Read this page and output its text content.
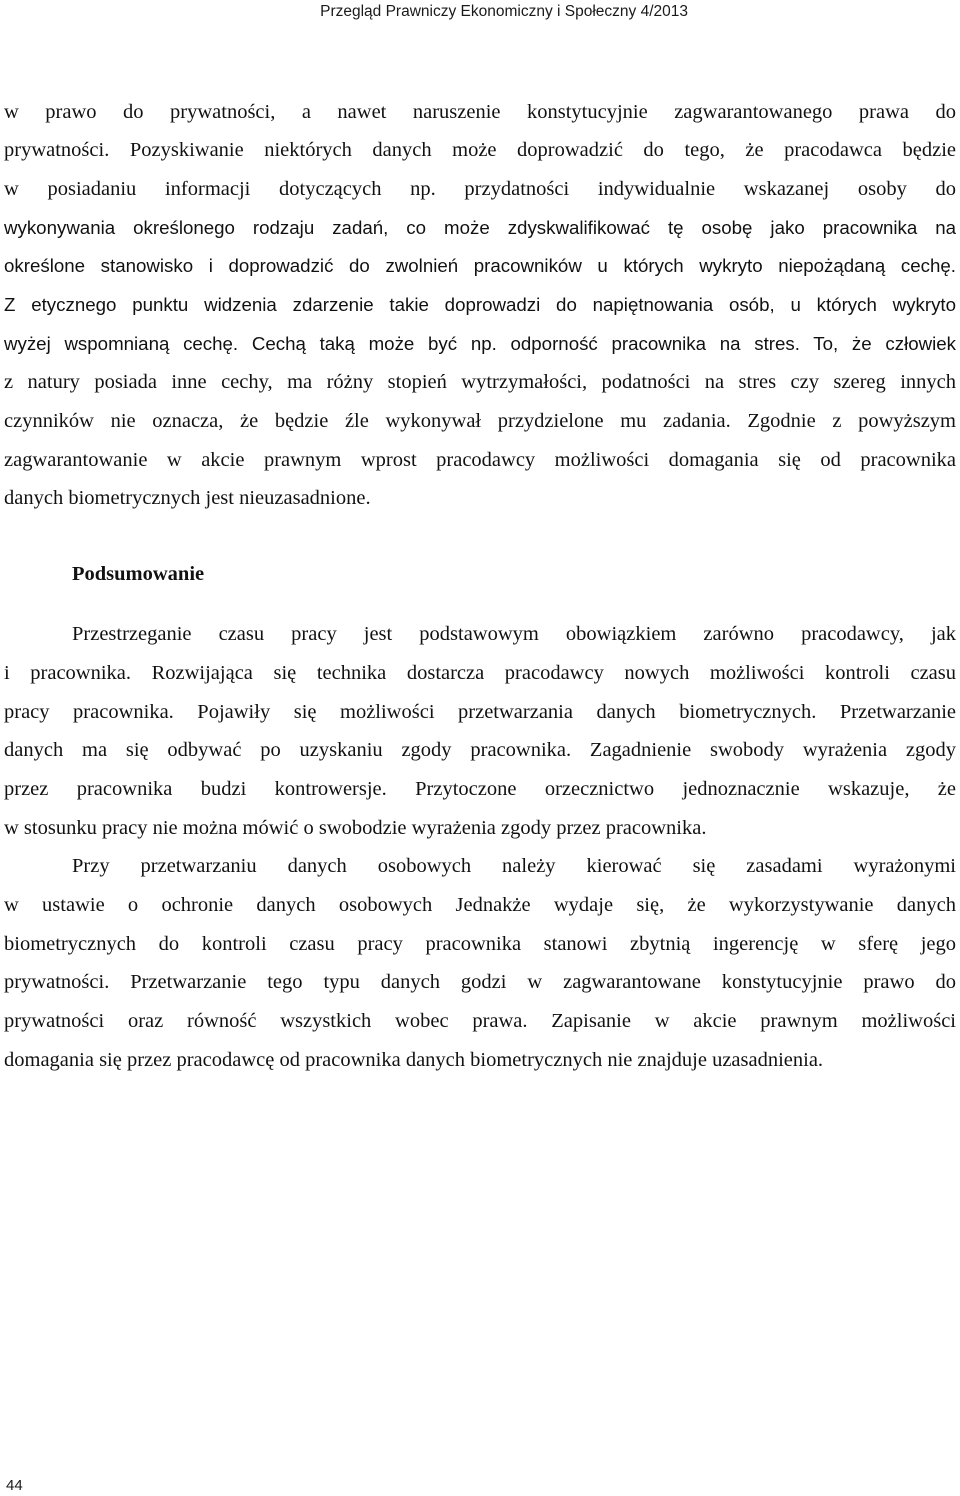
Przegląd Prawniczy Ekonomiczny i Społeczny 4/2013
w prawo do prywatności, a nawet naruszenie konstytucyjnie zagwarantowanego prawa do
prywatności. Pozyskiwanie niektórych danych może doprowadzić do tego, że pracodawca będzie
w posiadaniu informacji dotyczących np. przydatności indywidualnie wskazanej osoby do
wykonywania określonego rodzaju zadań, co może zdyskwalifikować tę osobę jako pracownika na
określone stanowisko i doprowadzić do zwolnień pracowników u których wykryto niepożądaną cechę.
Z etycznego punktu widzenia zdarzenie takie doprowadzi do napiętnowania osób, u których wykryto
wyżej wspomnianą cechę. Cechą taką może być np. odporność pracownika na stres. To, że człowiek
z natury posiada inne cechy, ma różny stopień wytrzymałości, podatności na stres czy szereg innych
czynników nie oznacza, że będzie źle wykonywał przydzielone mu zadania. Zgodnie z powyższym
zagwarantowanie w akcie prawnym wprost pracodawcy możliwości domagania się od pracownika
danych biometrycznych jest nieuzasadnione.
Podsumowanie
Przestrzeganie czasu pracy jest podstawowym obowiązkiem zarówno pracodawcy, jak
i pracownika. Rozwijająca się technika dostarcza pracodawcy nowych możliwości kontroli czasu
pracy pracownika. Pojawiły się możliwości przetwarzania danych biometrycznych. Przetwarzanie
danych ma się odbywać po uzyskaniu zgody pracownika. Zagadnienie swobody wyrażenia zgody
przez pracownika budzi kontrowersje. Przytoczone orzecznictwo jednoznacznie wskazuje, że
w stosunku pracy nie można mówić o swobodzie wyrażenia zgody przez pracownika.
Przy przetwarzaniu danych osobowych należy kierować się zasadami wyrażonymi
w ustawie o ochronie danych osobowych Jednakże wydaje się, że wykorzystywanie danych
biometrycznych do kontroli czasu pracy pracownika stanowi zbytnią ingerencję w sferę jego
prywatności. Przetwarzanie tego typu danych godzi w zagwarantowane konstytucyjnie prawo do
prywatności oraz równość wszystkich wobec prawa. Zapisanie w akcie prawnym możliwości
domagania się przez pracodawcę od pracownika danych biometrycznych nie znajduje uzasadnienia.
44
